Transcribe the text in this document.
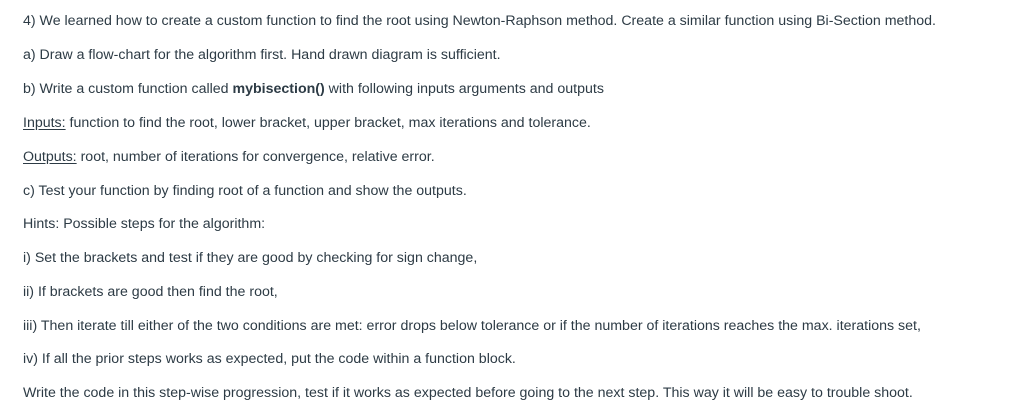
4) We learned how to create a custom function to find the root using Newton-Raphson method. Create a similar function using Bi-Section method.
a) Draw a flow-chart for the algorithm first. Hand drawn diagram is sufficient.
b) Write a custom function called mybisection() with following inputs arguments and outputs
Inputs: function to find the root, lower bracket, upper bracket, max iterations and tolerance.
Outputs: root, number of iterations for convergence, relative error.
c) Test your function by finding root of a function and show the outputs.
Hints: Possible steps for the algorithm:
i) Set the brackets and test if they are good by checking for sign change,
ii) If brackets are good then find the root,
iii) Then iterate till either of the two conditions are met: error drops below tolerance or if the number of iterations reaches the max. iterations set,
iv) If all the prior steps works as expected, put the code within a function block.
Write the code in this step-wise progression, test if it works as expected before going to the next step. This way it will be easy to trouble shoot.
